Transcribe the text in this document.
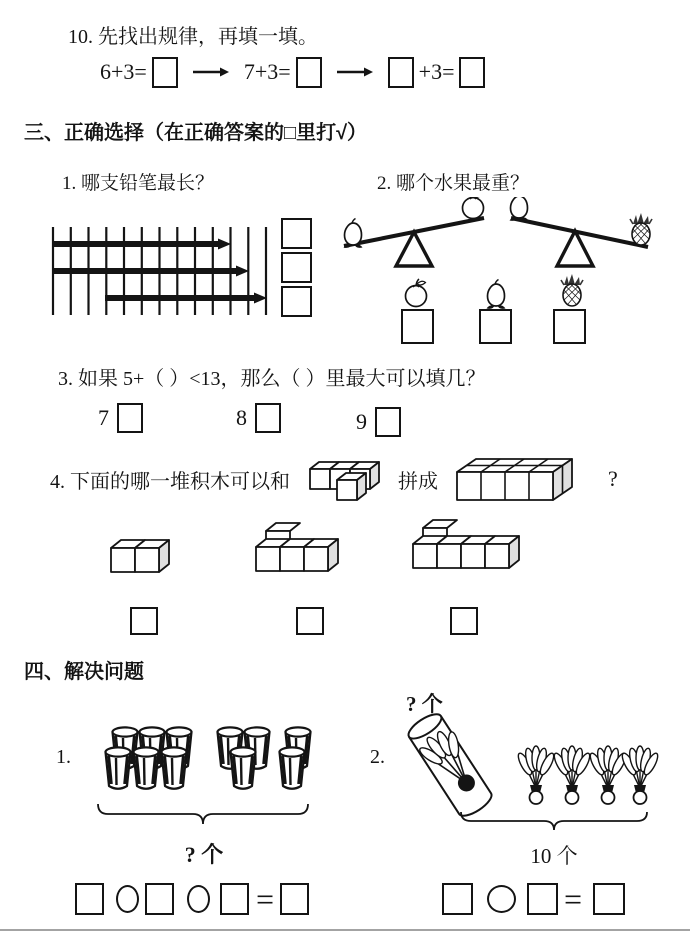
10. 先找出规律，再填一填。
6+3=	7+3=	+3=
三、正确选择（在正确答案的□里打√）
1. 哪支铅笔最长？	2. 哪个水果最重？
3. 如果 5+（ ）<13，那么（ ）里最大可以填几？
7	8	9
4. 下面的哪一堆积木可以和	拼成	?
四、解决问题
1.
? 个
2.
? 个
10 个
=	=
